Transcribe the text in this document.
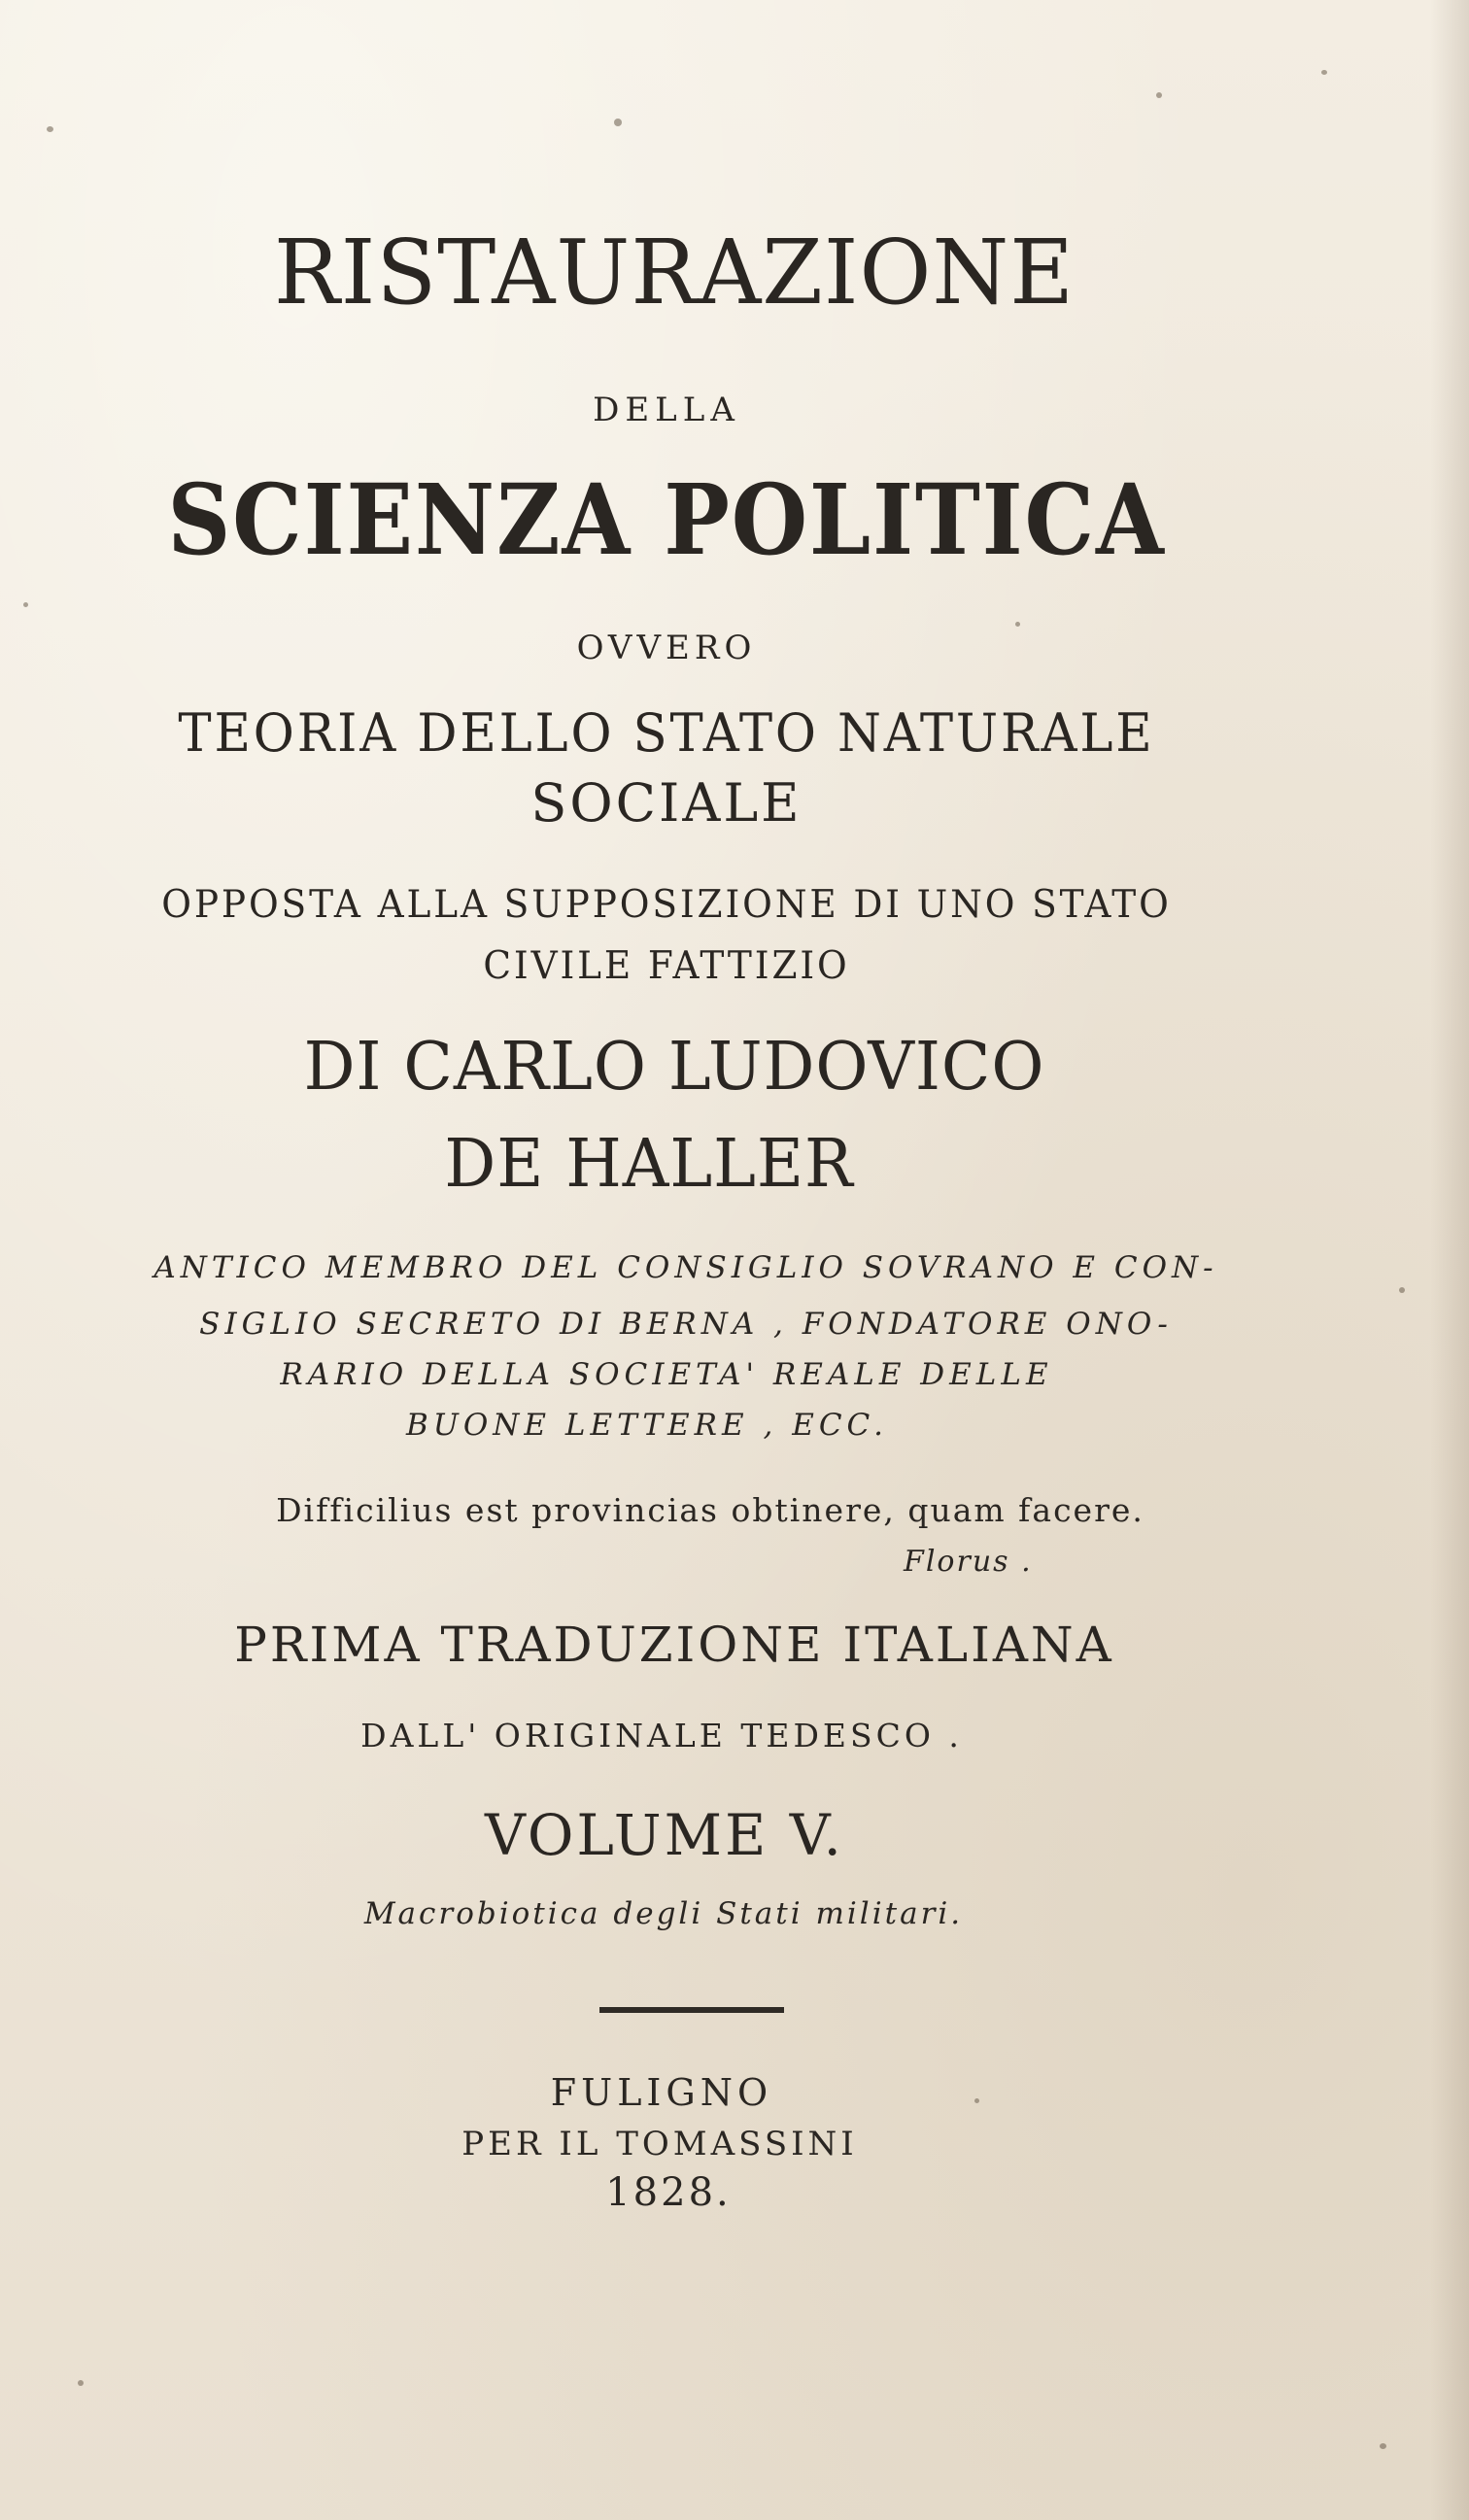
RISTAURAZIONE
DELLA
SCIENZA POLITICA
OVVERO
TEORIA DELLO STATO NATURALE
SOCIALE
OPPOSTA ALLA SUPPOSIZIONE DI UNO STATO
CIVILE FATTIZIO
DI CARLO LUDOVICO
DE HALLER
ANTICO MEMBRO DEL CONSIGLIO SOVRANO E CON-
SIGLIO SECRETO DI BERNA , FONDATORE ONO-
RARIO DELLA SOCIETA' REALE DELLE
BUONE LETTERE , ECC.
Difficilius est provincias obtinere, quam facere.
Florus .
PRIMA TRADUZIONE ITALIANA
DALL' ORIGINALE TEDESCO .
VOLUME V.
Macrobiotica degli Stati militari.
FULIGNO
PER IL TOMASSINI
1828.
